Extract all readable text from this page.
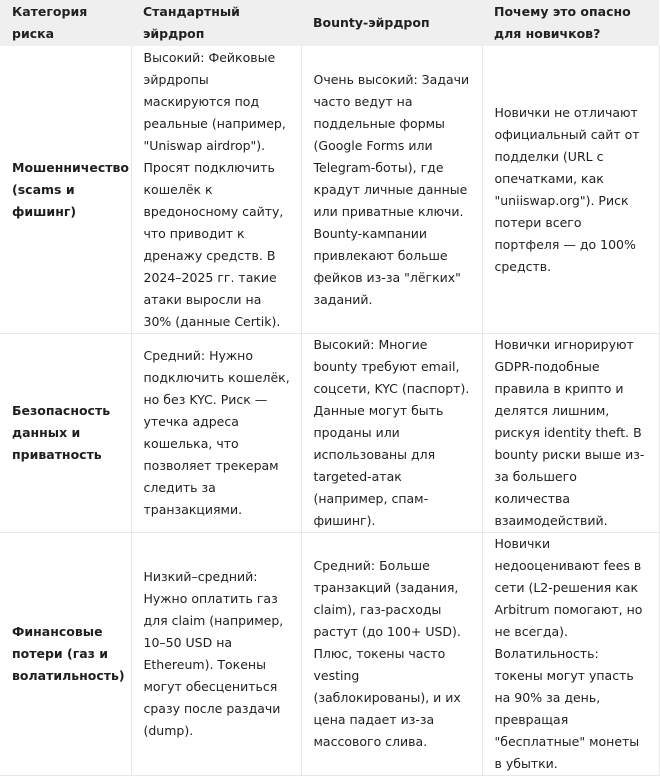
Категория риска	Стандартный эйрдроп	Bounty-эйрдроп	Почему это опасно для новичков?
Мошенничество (scams и фишинг)	Высокий: Фейковые эйрдропы маскируются под реальные (например, "Uniswap airdrop"). Просят подключить кошелёк к вредоносному сайту, что приводит к дренажу средств. В 2024–2025 гг. такие атаки выросли на 30% (данные Certik).	Очень высокий: Задачи часто ведут на поддельные формы (Google Forms или Telegram-боты), где крадут личные данные или приватные ключи. Bounty-кампании привлекают больше фейков из-за "лёгких" заданий.	Новички не отличают официальный сайт от подделки (URL с опечатками, как "uniiswap.org"). Риск потери всего портфеля — до 100% средств.
Безопасность данных и приватность	Средний: Нужно подключить кошелёк, но без KYC. Риск — утечка адреса кошелька, что позволяет трекерам следить за транзакциями.	Высокий: Многие bounty требуют email, соцсети, KYC (паспорт). Данные могут быть проданы или использованы для targeted-атак (например, спам-фишинг).	Новички игнорируют GDPR-подобные правила в крипто и делятся лишним, рискуя identity theft. В bounty риски выше из-за большего количества взаимодействий.
Финансовые потери (газ и волатильность)	Низкий–средний: Нужно оплатить газ для claim (например, 10–50 USD на Ethereum). Токены могут обесцениться сразу после раздачи (dump).	Средний: Больше транзакций (задания, claim), газ-расходы растут (до 100+ USD). Плюс, токены часто vesting (заблокированы), и их цена падает из-за массового слива.	Новички недооценивают fees в сети (L2-решения как Arbitrum помогают, но не всегда). Волатильность: токены могут упасть на 90% за день, превращая "бесплатные" монеты в убытки.
